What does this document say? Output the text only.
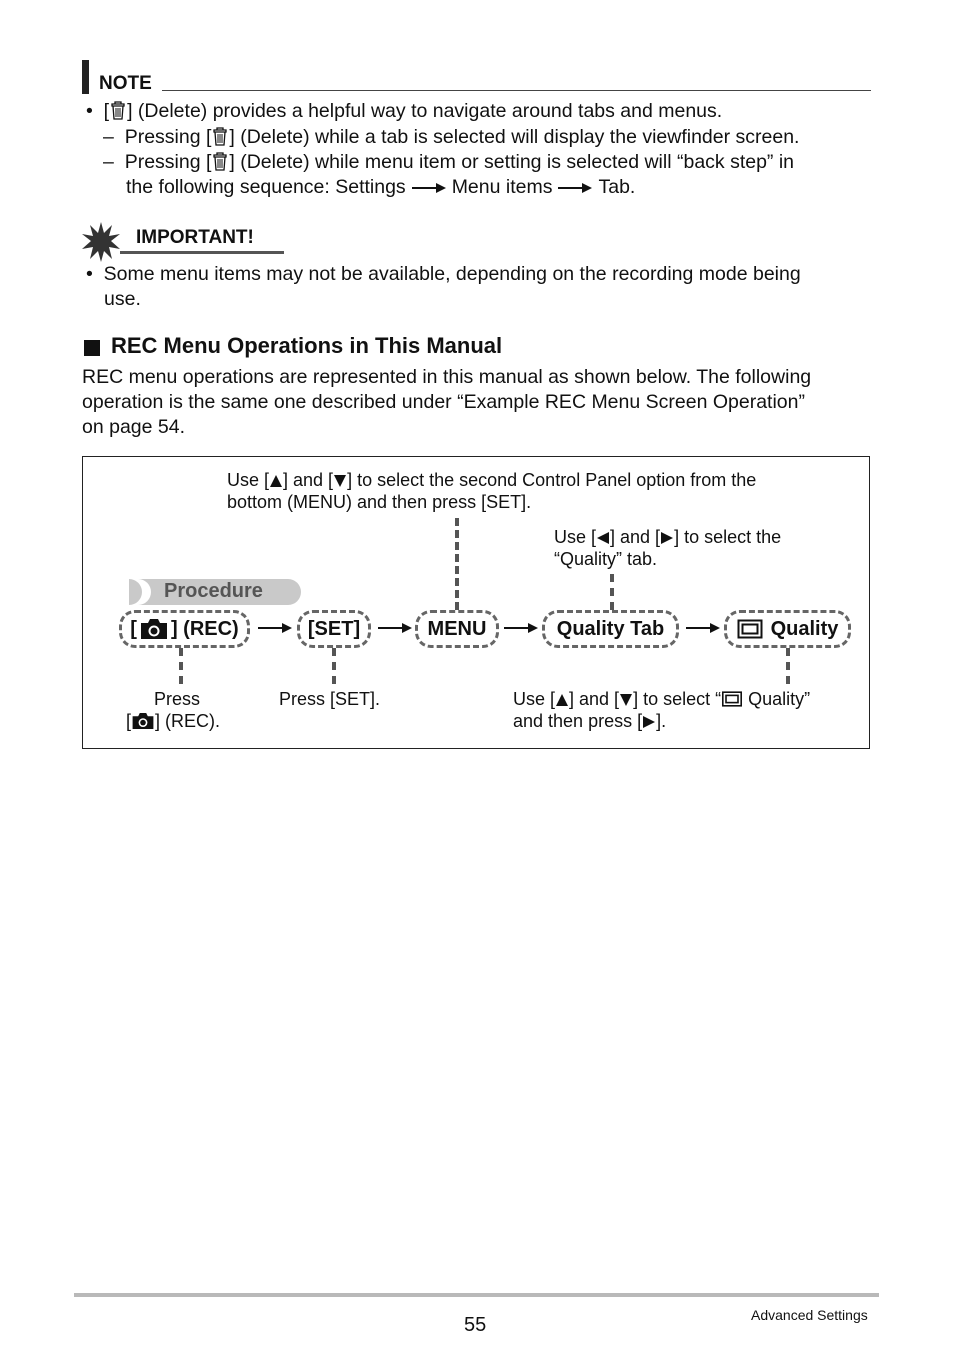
NOTE
•  [ ] (Delete) provides a helpful way to navigate around tabs and menus.
–  Pressing [ ] (Delete) while a tab is selected will display the viewfinder screen.
–  Pressing [ ] (Delete) while menu item or setting is selected will “back step” in
the following sequence: Settings Menu items Tab.
IMPORTANT!
•  Some menu items may not be available, depending on the recording mode being
use.
REC Menu Operations in This Manual
REC menu operations are represented in this manual as shown below. The following
operation is the same one described under “Example REC Menu Screen Operation”
on page 54.
Use [ ] and [ ] to select the second Control Panel option from the
bottom (MENU) and then press [SET].
Use [ ] and [ ] to select the
“Quality” tab.
Procedure
[ ] (REC)	[SET]	MENU	Quality Tab	Quality
Press
[ ] (REC).
Press [SET].	Use [ ] and [ ] to select “ Quality”
and then press [ ].
55	Advanced Settings
